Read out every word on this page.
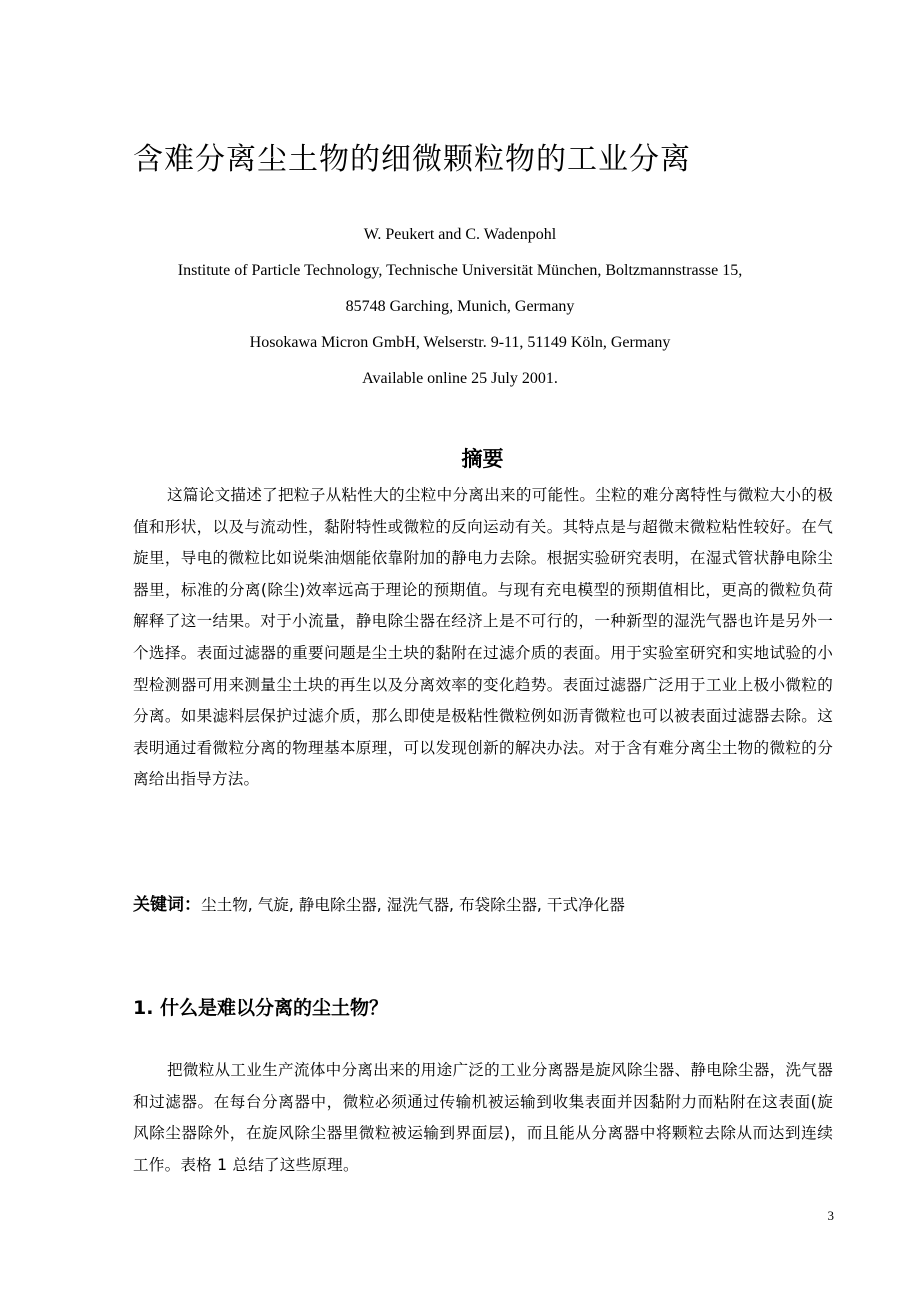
含难分离尘土物的细微颗粒物的工业分离
W. Peukert and C. Wadenpohl
Institute of Particle Technology, Technische Universität München, Boltzmannstrasse 15,
85748 Garching, Munich, Germany
Hosokawa Micron GmbH, Welserstr. 9-11, 51149 Köln, Germany
Available online 25 July 2001.
摘要

这篇论文描述了把粒子从粘性大的尘粒中分离出来的可能性。尘粒的难分离特性与微粒大小的极值和形状，以及与流动性，黏附特性或微粒的反向运动有关。其特点是与超微末微粒粘性较好。在气旋里，导电的微粒比如说柴油烟能依靠附加的静电力去除。根据实验研究表明，在湿式管状静电除尘器里，标准的分离(除尘)效率远高于理论的预期值。与现有充电模型的预期值相比，更高的微粒负荷解释了这一结果。对于小流量，静电除尘器在经济上是不可行的，一种新型的湿洗气器也许是另外一个选择。表面过滤器的重要问题是尘土块的黏附在过滤介质的表面。用于实验室研究和实地试验的小型检测器可用来测量尘土块的再生以及分离效率的变化趋势。表面过滤器广泛用于工业上极小微粒的分离。如果滤料层保护过滤介质，那么即使是极粘性微粒例如沥青微粒也可以被表面过滤器去除。这表明通过看微粒分离的物理基本原理，可以发现创新的解决办法。对于含有难分离尘土物的微粒的分离给出指导方法。

关键词：尘土物, 气旋, 静电除尘器, 湿洗气器, 布袋除尘器, 干式净化器
1. 什么是难以分离的尘土物？

把微粒从工业生产流体中分离出来的用途广泛的工业分离器是旋风除尘器、静电除尘器，洗气器和过滤器。在每台分离器中，微粒必须通过传输机被运输到收集表面并因黏附力而粘附在这表面(旋风除尘器除外，在旋风除尘器里微粒被运输到界面层)，而且能从分离器中将颗粒去除从而达到连续工作。表格 1 总结了这些原理。

3
